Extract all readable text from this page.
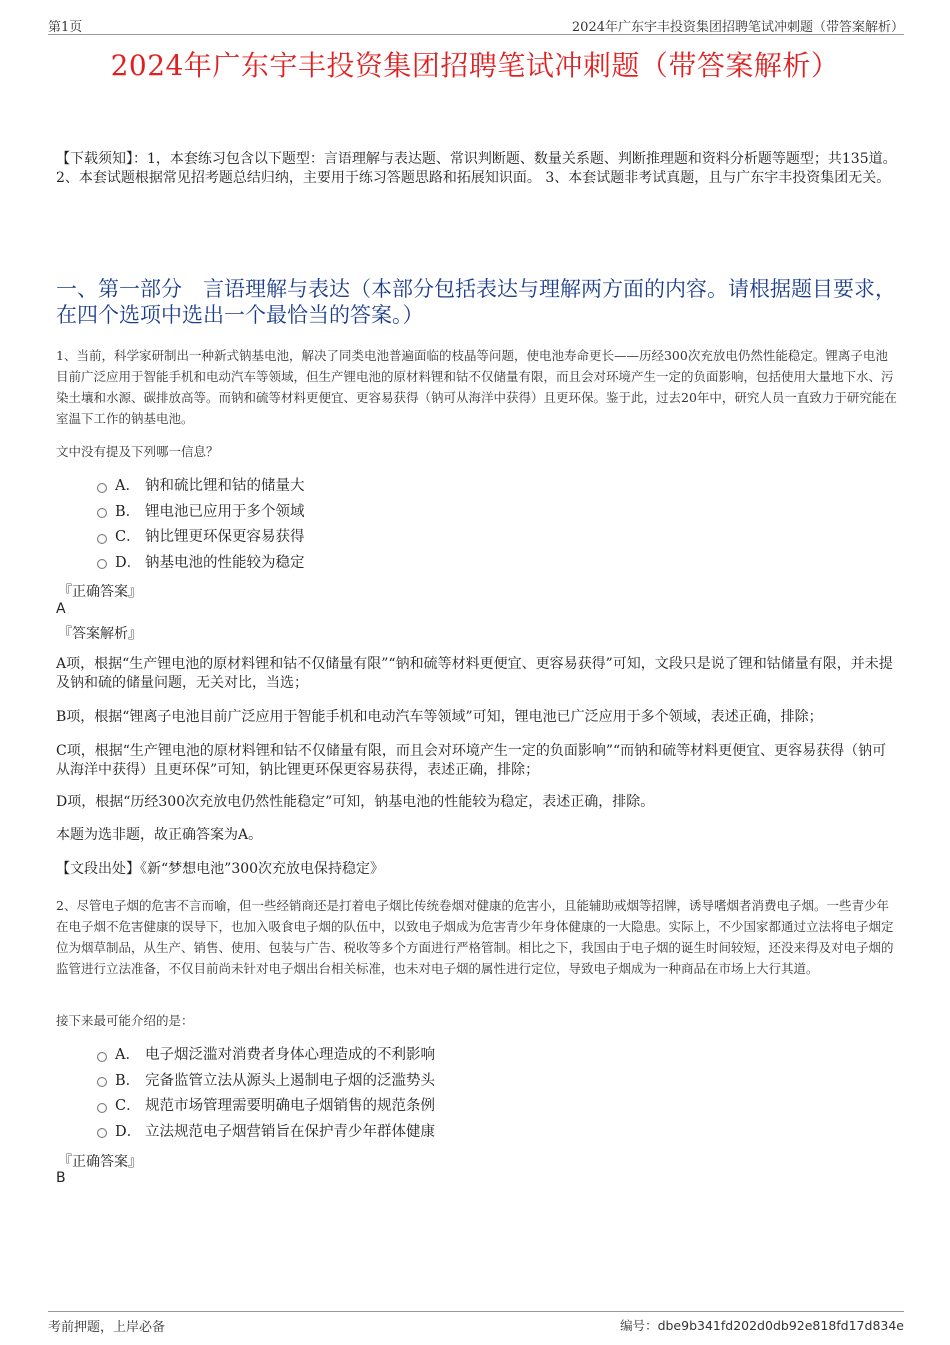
第1页	2024年广东宇丰投资集团招聘笔试冲刺题（带答案解析）
2024年广东宇丰投资集团招聘笔试冲刺题（带答案解析）
【下载须知】：1，本套练习包含以下题型：言语理解与表达题、常识判断题、数量关系题、判断推理题和资料分析题等题型；共135道。 2、本套试题根据常见招考题总结归纳，主要用于练习答题思路和拓展知识面。 3、本套试题非考试真题，且与广东宇丰投资集团无关。
一、第一部分　言语理解与表达（本部分包括表达与理解两方面的内容。请根据题目要求，在四个选项中选出一个最恰当的答案。）
1、当前，科学家研制出一种新式钠基电池，解决了同类电池普遍面临的枝晶等问题，使电池寿命更长——历经300次充放电仍然性能稳定。锂离子电池目前广泛应用于智能手机和电动汽车等领域，但生产锂电池的原材料锂和钴不仅储量有限，而且会对环境产生一定的负面影响，包括使用大量地下水、污染土壤和水源、碳排放高等。而钠和硫等材料更便宜、更容易获得（钠可从海洋中获得）且更环保。鉴于此，过去20年中，研究人员一直致力于研究能在室温下工作的钠基电池。
文中没有提及下列哪一信息？
A． 钠和硫比锂和钴的储量大
B． 锂电池已应用于多个领域
C． 钠比锂更环保更容易获得
D． 钠基电池的性能较为稳定
『正确答案』
A
『答案解析』
A项，根据“生产锂电池的原材料锂和钴不仅储量有限”“钠和硫等材料更便宜、更容易获得”可知，文段只是说了锂和钴储量有限，并未提及钠和硫的储量问题，无关对比，当选；
B项，根据“锂离子电池目前广泛应用于智能手机和电动汽车等领域”可知，锂电池已广泛应用于多个领域，表述正确，排除；
C项，根据“生产锂电池的原材料锂和钴不仅储量有限，而且会对环境产生一定的负面影响”“而钠和硫等材料更便宜、更容易获得（钠可从海洋中获得）且更环保”可知，钠比锂更环保更容易获得，表述正确，排除；
D项，根据“历经300次充放电仍然性能稳定”可知，钠基电池的性能较为稳定，表述正确，排除。
本题为选非题，故正确答案为A。
【文段出处】《新“梦想电池”300次充放电保持稳定》
2、尽管电子烟的危害不言而喻，但一些经销商还是打着电子烟比传统卷烟对健康的危害小，且能辅助戒烟等招牌，诱导嗜烟者消费电子烟。一些青少年在电子烟不危害健康的误导下，也加入吸食电子烟的队伍中，以致电子烟成为危害青少年身体健康的一大隐患。实际上，不少国家都通过立法将电子烟定位为烟草制品，从生产、销售、使用、包装与广告、税收等多个方面进行严格管制。相比之下，我国由于电子烟的诞生时间较短，还没来得及对电子烟的监管进行立法准备，不仅目前尚未针对电子烟出台相关标准，也未对电子烟的属性进行定位，导致电子烟成为一种商品在市场上大行其道。
接下来最可能介绍的是：
A． 电子烟泛滥对消费者身体心理造成的不利影响
B． 完备监管立法从源头上遏制电子烟的泛滥势头
C． 规范市场管理需要明确电子烟销售的规范条例
D． 立法规范电子烟营销旨在保护青少年群体健康
『正确答案』
B
考前押题，上岸必备	编号：dbe9b341fd202d0db92e818fd17d834e
